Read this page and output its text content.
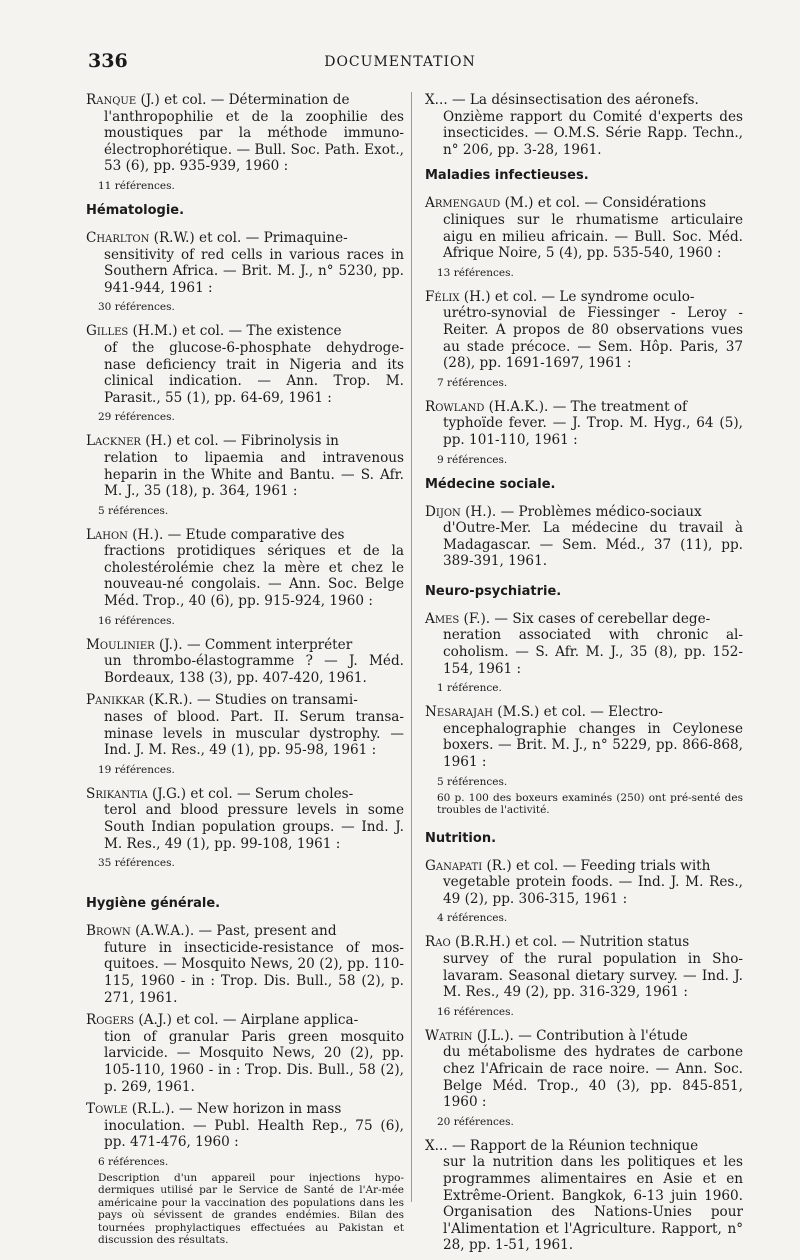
336	DOCUMENTATION
Ranque (J.) et col. — Détermination de
l'anthropophilie et de la zoophilie des moustiques par la méthode immuno-électrophorétique. — Bull. Soc. Path. Exot., 53 (6), pp. 935-939, 1960 :
11 références.
Hématologie.
Charlton (R.W.) et col. — Primaquine-
sensitivity of red cells in various races in Southern Africa. — Brit. M. J., n° 5230, pp. 941-944, 1961 :
30 références.
Gilles (H.M.) et col. — The existence
of the glucose-6-phosphate dehydroge-nase deficiency trait in Nigeria and its clinical indication. — Ann. Trop. M. Parasit., 55 (1), pp. 64-69, 1961 :
29 références.
Lackner (H.) et col. — Fibrinolysis in
relation to lipaemia and intravenous heparin in the White and Bantu. — S. Afr. M. J., 35 (18), p. 364, 1961 :
5 références.
Lahon (H.). — Etude comparative des
fractions protidiques sériques et de la cholestérolémie chez la mère et chez le nouveau-né congolais. — Ann. Soc. Belge Méd. Trop., 40 (6), pp. 915-924, 1960 :
16 références.
Moulinier (J.). — Comment interpréter
un thrombo-élastogramme ? — J. Méd. Bordeaux, 138 (3), pp. 407-420, 1961.
Panikkar (K.R.). — Studies on transami-
nases of blood. Part. II. Serum transa-minase levels in muscular dystrophy. — Ind. J. M. Res., 49 (1), pp. 95-98, 1961 :
19 références.
Srikantia (J.G.) et col. — Serum choles-
terol and blood pressure levels in some South Indian population groups. — Ind. J. M. Res., 49 (1), pp. 99-108, 1961 :
35 références.
Hygiène générale.
Brown (A.W.A.). — Past, present and
future in insecticide-resistance of mos-quitoes. — Mosquito News, 20 (2), pp. 110-115, 1960 - in : Trop. Dis. Bull., 58 (2), p. 271, 1961.
Rogers (A.J.) et col. — Airplane applica-
tion of granular Paris green mosquito larvicide. — Mosquito News, 20 (2), pp. 105-110, 1960 - in : Trop. Dis. Bull., 58 (2), p. 269, 1961.
Towle (R.L.). — New horizon in mass
inoculation. — Publ. Health Rep., 75 (6), pp. 471-476, 1960 :
6 références.
Description d'un appareil pour injections hypo-dermiques utilisé par le Service de Santé de l'Ar-mée américaine pour la vaccination des populations dans les pays où sévissent de grandes endémies. Bilan des tournées prophylactiques effectuées au Pakistan et discussion des résultats.
X... — La désinsectisation des aéronefs.
Onzième rapport du Comité d'experts des insecticides. — O.M.S. Série Rapp. Techn., n° 206, pp. 3-28, 1961.
Maladies infectieuses.
Armengaud (M.) et col. — Considérations
cliniques sur le rhumatisme articulaire aigu en milieu africain. — Bull. Soc. Méd. Afrique Noire, 5 (4), pp. 535-540, 1960 :
13 références.
Félix (H.) et col. — Le syndrome oculo-
urétro-synovial de Fiessinger - Leroy - Reiter. A propos de 80 observations vues au stade précoce. — Sem. Hôp. Paris, 37 (28), pp. 1691-1697, 1961 :
7 références.
Rowland (H.A.K.). — The treatment of
typhoïde fever. — J. Trop. M. Hyg., 64 (5), pp. 101-110, 1961 :
9 références.
Médecine sociale.
Dijon (H.). — Problèmes médico-sociaux
d'Outre-Mer. La médecine du travail à Madagascar. — Sem. Méd., 37 (11), pp. 389-391, 1961.
Neuro-psychiatrie.
Ames (F.). — Six cases of cerebellar dege-
neration associated with chronic al-coholism. — S. Afr. M. J., 35 (8), pp. 152-154, 1961 :
1 référence.
Nesarajah (M.S.) et col. — Electro-
encephalographie changes in Ceylonese boxers. — Brit. M. J., n° 5229, pp. 866-868, 1961 :
5 références.
60 p. 100 des boxeurs examinés (250) ont pré-senté des troubles de l'activité.
Nutrition.
Ganapati (R.) et col. — Feeding trials with
vegetable protein foods. — Ind. J. M. Res., 49 (2), pp. 306-315, 1961 :
4 références.
Rao (B.R.H.) et col. — Nutrition status
survey of the rural population in Sho-lavaram. Seasonal dietary survey. — Ind. J. M. Res., 49 (2), pp. 316-329, 1961 :
16 références.
Watrin (J.L.). — Contribution à l'étude
du métabolisme des hydrates de carbone chez l'Africain de race noire. — Ann. Soc. Belge Méd. Trop., 40 (3), pp. 845-851, 1960 :
20 références.
X... — Rapport de la Réunion technique
sur la nutrition dans les politiques et les programmes alimentaires en Asie et en Extrême-Orient. Bangkok, 6-13 juin 1960. Organisation des Nations-Unies pour l'Alimentation et l'Agriculture. Rapport, n° 28, pp. 1-51, 1961.
